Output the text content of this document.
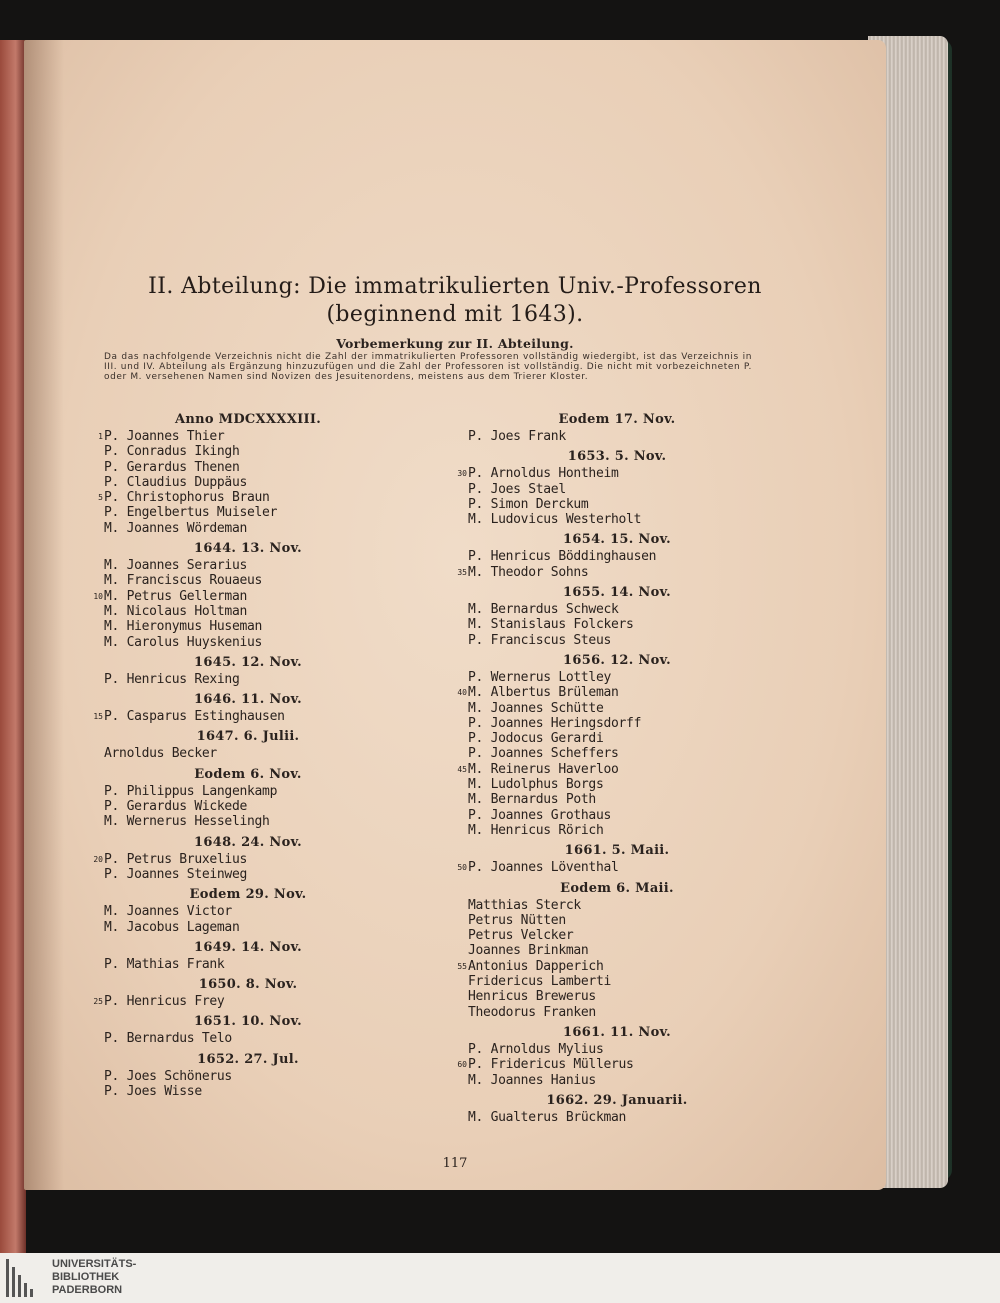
II. Abteilung: Die immatrikulierten Univ.-Professoren
(beginnend mit 1643).
Vorbemerkung zur II. Abteilung.
Da das nachfolgende Verzeichnis nicht die Zahl der immatrikulierten Professoren vollständig wiedergibt, ist das Verzeichnis in III. und IV. Abteilung als Ergänzung hinzuzufügen und die Zahl der Professoren ist vollständig. Die nicht mit vorbezeichneten P. oder M. versehenen Namen sind Novizen des Jesuitenordens, meistens aus dem Trierer Kloster.
Anno MDCXXXXIII.
1 P. Joannes Thier
P. Conradus Ikingh
P. Gerardus Thenen
P. Claudius Duppäus
5 P. Christophorus Braun
P. Engelbertus Muiseler
M. Joannes Wördeman
1644. 13. Nov.
M. Joannes Serarius
M. Franciscus Rouaeus
10 M. Petrus Gellerman
M. Nicolaus Holtman
M. Hieronymus Huseman
M. Carolus Huyskenius
1645. 12. Nov.
P. Henricus Rexing
1646. 11. Nov.
15 P. Casparus Estinghausen
1647. 6. Julii.
Arnoldus Becker
Eodem 6. Nov.
P. Philippus Langenkamp
P. Gerardus Wickede
M. Wernerus Hesselingh
1648. 24. Nov.
20 P. Petrus Bruxelius
P. Joannes Steinweg
Eodem 29. Nov.
M. Joannes Victor
M. Jacobus Lageman
1649. 14. Nov.
P. Mathias Frank
1650. 8. Nov.
25 P. Henricus Frey
1651. 10. Nov.
P. Bernardus Telo
1652. 27. Jul.
P. Joes Schönerus
P. Joes Wisse
Eodem 17. Nov.
P. Joes Frank
1653. 5. Nov.
30 P. Arnoldus Hontheim
P. Joes Stael
P. Simon Derckum
M. Ludovicus Westerholt
1654. 15. Nov.
P. Henricus Böddinghausen
35 M. Theodor Sohns
1655. 14. Nov.
M. Bernardus Schweck
M. Stanislaus Folckers
P. Franciscus Steus
1656. 12. Nov.
P. Wernerus Lottley
40 M. Albertus Brüleman
M. Joannes Schütte
P. Joannes Heringsdorff
P. Jodocus Gerardi
P. Joannes Scheffers
45 M. Reinerus Haverloo
M. Ludolphus Borgs
M. Bernardus Poth
P. Joannes Grothaus
M. Henricus Rörich
1661. 5. Maii.
50 P. Joannes Löventhal
Eodem 6. Maii.
Matthias Sterck
Petrus Nütten
Petrus Velcker
Joannes Brinkman
55 Antonius Dapperich
Fridericus Lamberti
Henricus Brewerus
Theodorus Franken
1661. 11. Nov.
P. Arnoldus Mylius
60 P. Fridericus Müllerus
M. Joannes Hanius
1662. 29. Januarii.
M. Gualterus Brückman
117
UNIVERSITÄTS-
BIBLIOTHEK
PADERBORN
